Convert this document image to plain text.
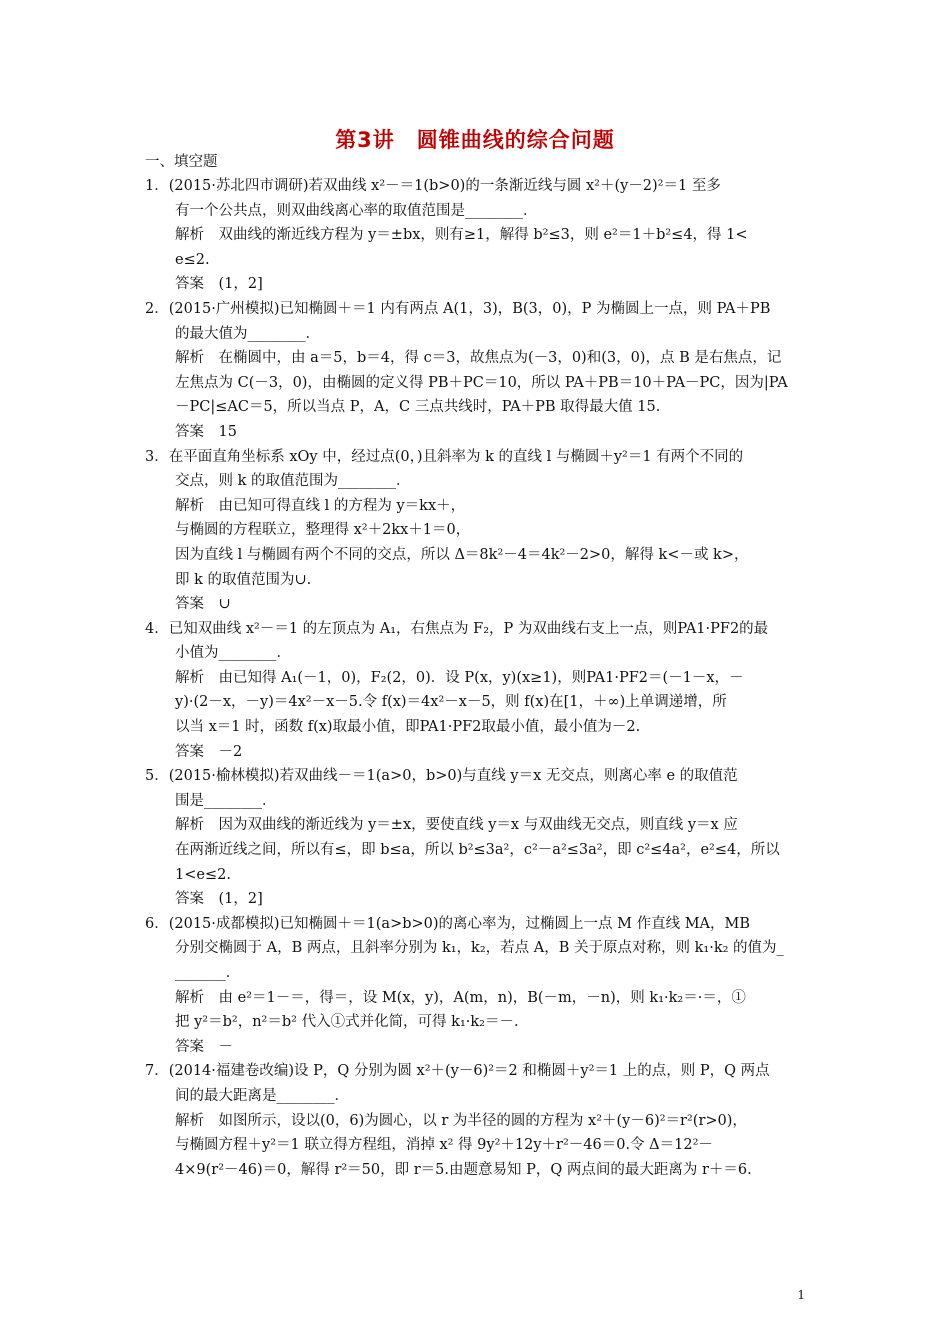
第3讲　圆锥曲线的综合问题
一、填空题
1．(2015·苏北四市调研)若双曲线 x²－＝1(b>0)的一条渐近线与圆 x²＋(y－2)²＝1 至多
有一个公共点，则双曲线离心率的取值范围是________．
解析　双曲线的渐近线方程为 y＝±bx，则有≥1，解得 b²≤3，则 e²＝1＋b²≤4，得 1<
e≤2.
答案　(1，2]
2．(2015·广州模拟)已知椭圆＋＝1 内有两点 A(1，3)，B(3，0)，P 为椭圆上一点，则 PA＋PB
的最大值为________．
解析　在椭圆中，由 a＝5，b＝4，得 c＝3，故焦点为(－3，0)和(3，0)，点 B 是右焦点，记
左焦点为 C(－3，0)，由椭圆的定义得 PB＋PC＝10，所以 PA＋PB＝10＋PA－PC，因为|PA
－PC|≤AC＝5，所以当点 P，A，C 三点共线时，PA＋PB 取得最大值 15.
答案　15
3．在平面直角坐标系 xOy 中，经过点(0，)且斜率为 k 的直线 l 与椭圆＋y²＝1 有两个不同的
交点，则 k 的取值范围为________．
解析　由已知可得直线 l 的方程为 y＝kx＋，
与椭圆的方程联立，整理得 x²＋2kx＋1＝0，
因为直线 l 与椭圆有两个不同的交点，所以 Δ＝8k²－4＝4k²－2>0，解得 k<－或 k>，
即 k 的取值范围为∪.
答案　∪
4．已知双曲线 x²－＝1 的左顶点为 A₁，右焦点为 F₂，P 为双曲线右支上一点，则PA1·PF2的最
小值为________．
解析　由已知得 A₁(－1，0)，F₂(2，0)．设 P(x，y)(x≥1)，则PA1·PF2＝(－1－x，－
y)·(2－x，－y)＝4x²－x－5.令 f(x)＝4x²－x－5，则 f(x)在[1，＋∞)上单调递增，所
以当 x＝1 时，函数 f(x)取最小值，即PA1·PF2取最小值，最小值为－2.
答案　－2
5．(2015·榆林模拟)若双曲线－＝1(a>0，b>0)与直线 y＝x 无交点，则离心率 e 的取值范
围是________．
解析　因为双曲线的渐近线为 y＝±x，要使直线 y＝x 与双曲线无交点，则直线 y＝x 应
在两渐近线之间，所以有≤，即 b≤a，所以 b²≤3a²，c²－a²≤3a²，即 c²≤4a²，e²≤4，所以
1<e≤2.
答案　(1，2]
6．(2015·成都模拟)已知椭圆＋＝1(a>b>0)的离心率为，过椭圆上一点 M 作直线 MA，MB
分别交椭圆于 A，B 两点，且斜率分别为 k₁，k₂，若点 A，B 关于原点对称，则 k₁·k₂ 的值为_
_______．
解析　由 e²＝1－＝，得＝，设 M(x，y)，A(m，n)，B(－m，－n)，则 k₁·k₂＝·＝，①
把 y²＝b²，n²＝b² 代入①式并化简，可得 k₁·k₂＝－.
答案　－
7．(2014·福建卷改编)设 P，Q 分别为圆 x²＋(y－6)²＝2 和椭圆＋y²＝1 上的点，则 P，Q 两点
间的最大距离是________．
解析　如图所示，设以(0，6)为圆心，以 r 为半径的圆的方程为 x²＋(y－6)²＝r²(r>0)，
与椭圆方程＋y²＝1 联立得方程组，消掉 x² 得 9y²＋12y＋r²－46＝0.令 Δ＝12²－
4×9(r²－46)＝0，解得 r²＝50，即 r＝5.由题意易知 P，Q 两点间的最大距离为 r＋＝6.
1
